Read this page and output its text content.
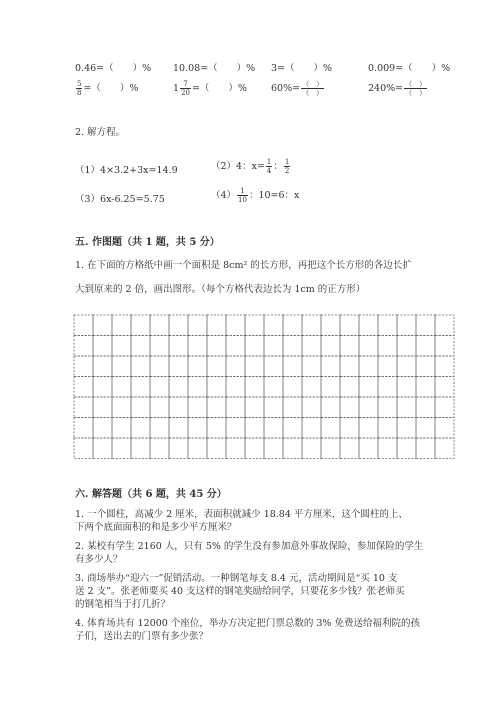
0.46=（　　）% 10.08=（　　）% 3=（　　）%	0.009=（　　）%
$\frac{5}{8}$ =（　　）%	$1 \frac{7}{20}$ =（　　）%	$60\%= \frac{( )}{( )}$	$240\%= \frac{( )}{( )}$
2. 解方程。
（1）4×3.2+3x=14.9	（2）4：$x= \frac{1}{4}$ ： $\frac{1}{2}$
（3）6x-6.25=5.75	$(4) \frac{1}{10}$ ：10=6：x
五. 作图题（共 1 题，共 5 分）
1. 在下面的方格纸中画一个面积是 8cm² 的长方形，再把这个长方形的各边长扩
大到原来的 2 倍，画出图形。（每个方格代表边长为 1cm 的正方形）
六. 解答题（共 6 题，共 45 分）
1. 一个圆柱，高减少 2 厘米，表面积就减少 18.84 平方厘米，这个圆柱的上、
下两个底面面积的和是多少平方厘米？
2. 某校有学生 2160 人，只有 5% 的学生没有参加意外事故保险，参加保险的学生
有多少人？
3. 商场举办“迎六一”促销活动。一种钢笔每支 8.4 元，活动期间是“买 10 支
送 2 支”。张老师要买 40 支这样的钢笔奖励给同学，只要花多少钱？张老师买
的钢笔相当于打几折？
4. 体育场共有 12000 个座位，举办方决定把门票总数的 3% 免费送给福利院的孩
子们，送出去的门票有多少张？
